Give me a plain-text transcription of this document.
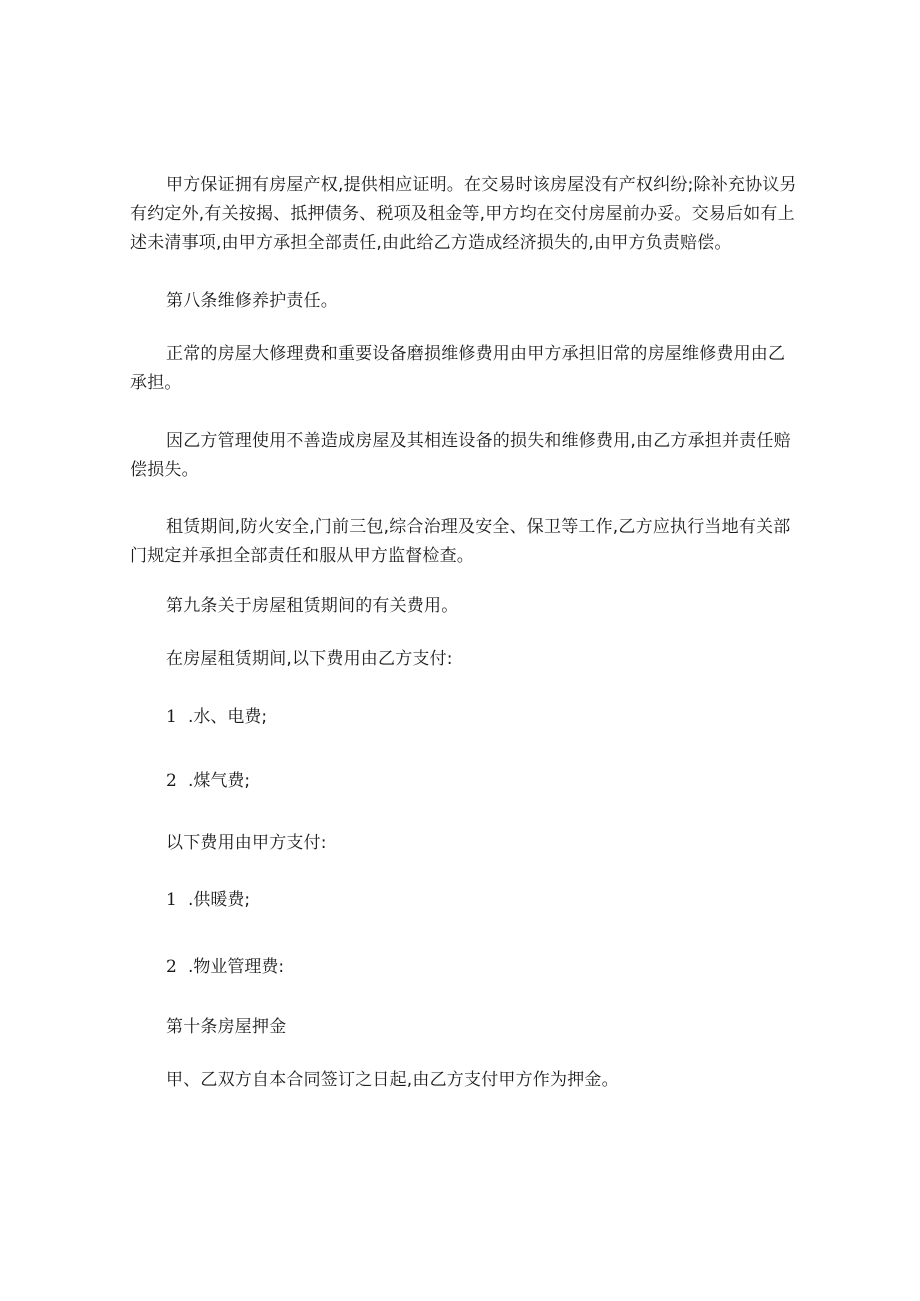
甲方保证拥有房屋产权,提供相应证明。在交易时该房屋没有产权纠纷;除补充协议另有约定外,有关按揭、抵押债务、税项及租金等,甲方均在交付房屋前办妥。交易后如有上述未清事项,由甲方承担全部责任,由此给乙方造成经济损失的,由甲方负责赔偿。

第八条维修养护责任。

正常的房屋大修理费和重要设备磨损维修费用由甲方承担旧常的房屋维修费用由乙承担。

因乙方管理使用不善造成房屋及其相连设备的损失和维修费用,由乙方承担并责任赔偿损失。

租赁期间,防火安全,门前三包,综合治理及安全、保卫等工作,乙方应执行当地有关部门规定并承担全部责任和服从甲方监督检查。

第九条关于房屋租赁期间的有关费用。

在房屋租赁期间,以下费用由乙方支付:

1 .水、电费;

2 .煤气费;

以下费用由甲方支付:

1 .供暖费;

2 .物业管理费:

第十条房屋押金

甲、乙双方自本合同签订之日起,由乙方支付甲方作为押金。
